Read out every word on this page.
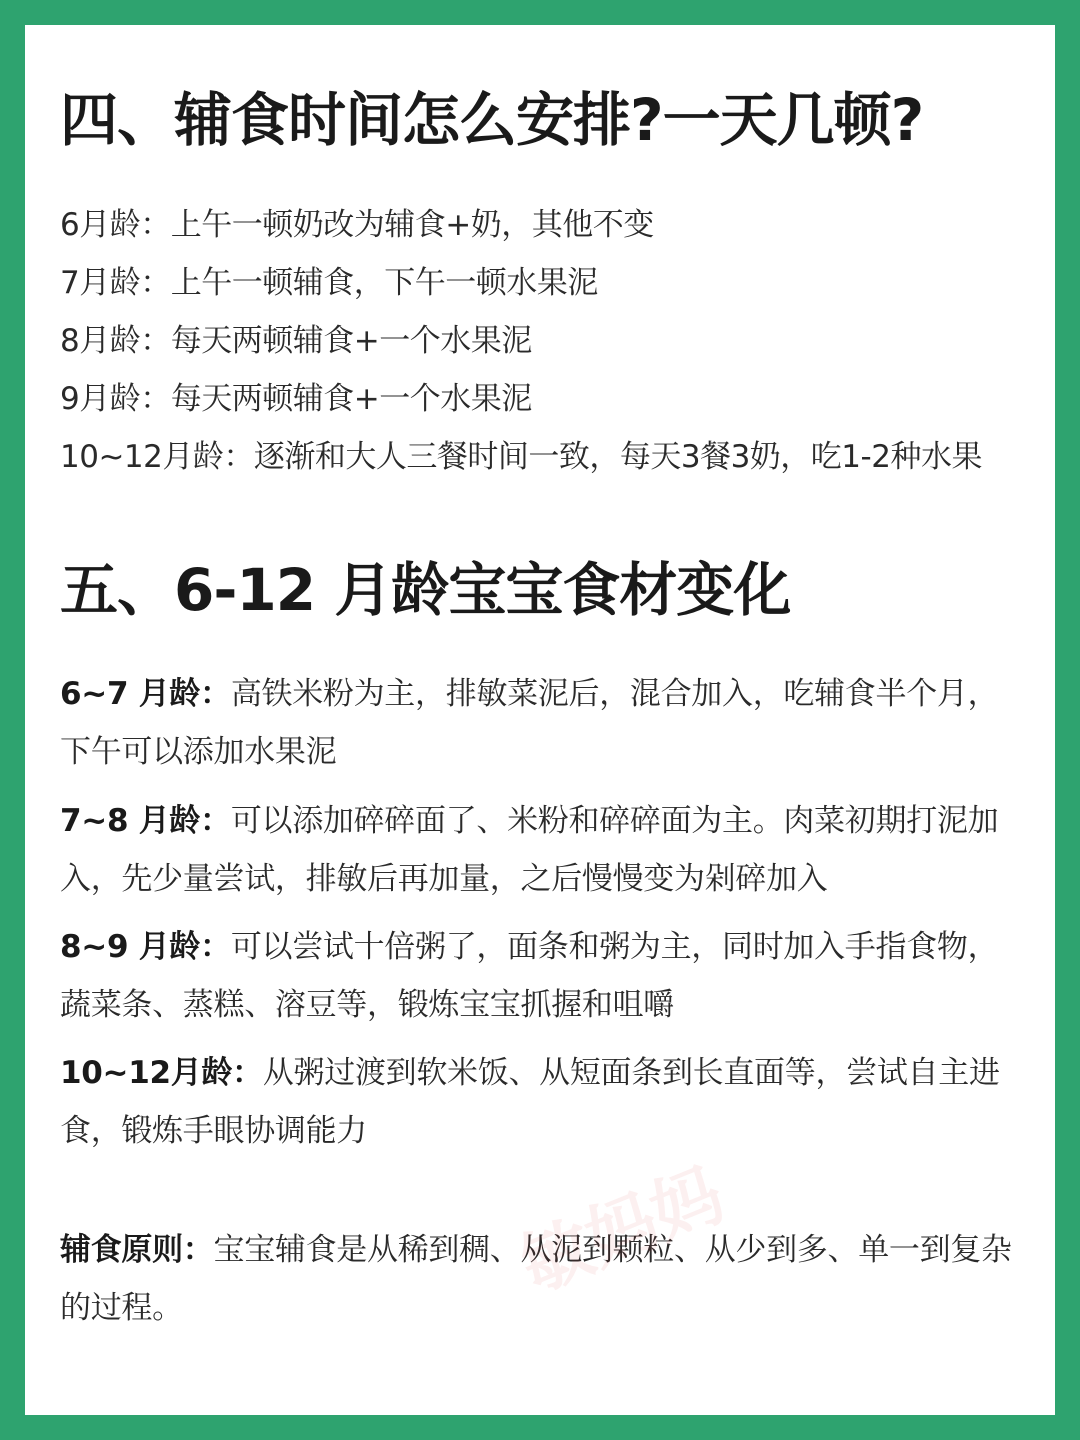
四、辅食时间怎么安排?一天几顿?
6月龄：上午一顿奶改为辅食+奶，其他不变
7月龄：上午一顿辅食，下午一顿水果泥
8月龄：每天两顿辅食+一个水果泥
9月龄：每天两顿辅食+一个水果泥
10~12月龄：逐渐和大人三餐时间一致，每天3餐3奶，吃1-2种水果
五、6-12 月龄宝宝食材变化

6~7 月龄：高铁米粉为主，排敏菜泥后，混合加入，吃辅食半个月，下午可以添加水果泥

7~8 月龄：可以添加碎碎面了、米粉和碎碎面为主。肉菜初期打泥加入，先少量尝试，排敏后再加量，之后慢慢变为剁碎加入

8~9 月龄：可以尝试十倍粥了，面条和粥为主，同时加入手指食物，蔬菜条、蒸糕、溶豆等，锻炼宝宝抓握和咀嚼

10~12月龄：从粥过渡到软米饭、从短面条到长直面等，尝试自主进食，锻炼手眼协调能力

辅食原则：宝宝辅食是从稀到稠、从泥到颗粒、从少到多、单一到复杂的过程。

敏妈妈
